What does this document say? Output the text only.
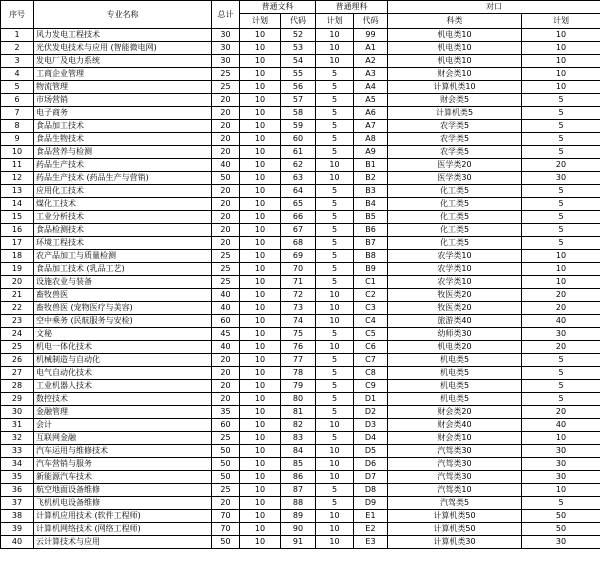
序号	专业名称	总计	普通文科		普通理科		对口	
			计划	代码	计划	代码	科类	计划
1	风力发电工程技术	30	10	52	10	99	机电类10	10
2	光伏发电技术与应用 (智能微电网)	30	10	53	10	A1	机电类10	10
3	发电厂及电力系统	30	10	54	10	A2	机电类10	10
4	工商企业管理	25	10	55	5	A3	财会类10	10
5	物流管理	25	10	56	5	A4	计算机类10	10
6	市场营销	20	10	57	5	A5	财会类5	5
7	电子商务	20	10	58	5	A6	计算机类5	5
8	食品加工技术	20	10	59	5	A7	农学类5	5
9	食品生物技术	20	10	60	5	A8	农学类5	5
10	食品营养与检测	20	10	61	5	A9	农学类5	5
11	药品生产技术	40	10	62	10	B1	医学类20	20
12	药品生产技术 (药品生产与营销)	50	10	63	10	B2	医学类30	30
13	应用化工技术	20	10	64	5	B3	化工类5	5
14	煤化工技术	20	10	65	5	B4	化工类5	5
15	工业分析技术	20	10	66	5	B5	化工类5	5
16	食品检测技术	20	10	67	5	B6	化工类5	5
17	环境工程技术	20	10	68	5	B7	化工类5	5
18	农产品加工与质量检测	25	10	69	5	B8	农学类10	10
19	食品加工技术 (乳品工艺)	25	10	70	5	B9	农学类10	10
20	设施农业与装备	25	10	71	5	C1	农学类10	10
21	畜牧兽医	40	10	72	10	C2	牧医类20	20
22	畜牧兽医 (宠物医疗与美容)	40	10	73	10	C3	牧医类20	20
23	空中乘务 (民航服务与安检)	60	10	74	10	C4	旅游类40	40
24	文秘	45	10	75	5	C5	幼师类30	30
25	机电一体化技术	40	10	76	10	C6	机电类20	20
26	机械制造与自动化	20	10	77	5	C7	机电类5	5
27	电气自动化技术	20	10	78	5	C8	机电类5	5
28	工业机器人技术	20	10	79	5	C9	机电类5	5
29	数控技术	20	10	80	5	D1	机电类5	5
30	金融管理	35	10	81	5	D2	财会类20	20
31	会计	60	10	82	10	D3	财会类40	40
32	互联网金融	25	10	83	5	D4	财会类10	10
33	汽车运用与维修技术	50	10	84	10	D5	汽驾类30	30
34	汽车营销与服务	50	10	85	10	D6	汽驾类30	30
35	新能源汽车技术	50	10	86	10	D7	汽驾类30	30
36	航空地面设备维修	25	10	87	5	D8	汽驾类10	10
37	飞机机电设备维修	20	10	88	5	D9	汽驾类5	5
38	计算机应用技术 (软件工程师)	70	10	89	10	E1	计算机类50	50
39	计算机网络技术 (网络工程师)	70	10	90	10	E2	计算机类50	50
40	云计算技术与应用	50	10	91	10	E3	计算机类30	30
